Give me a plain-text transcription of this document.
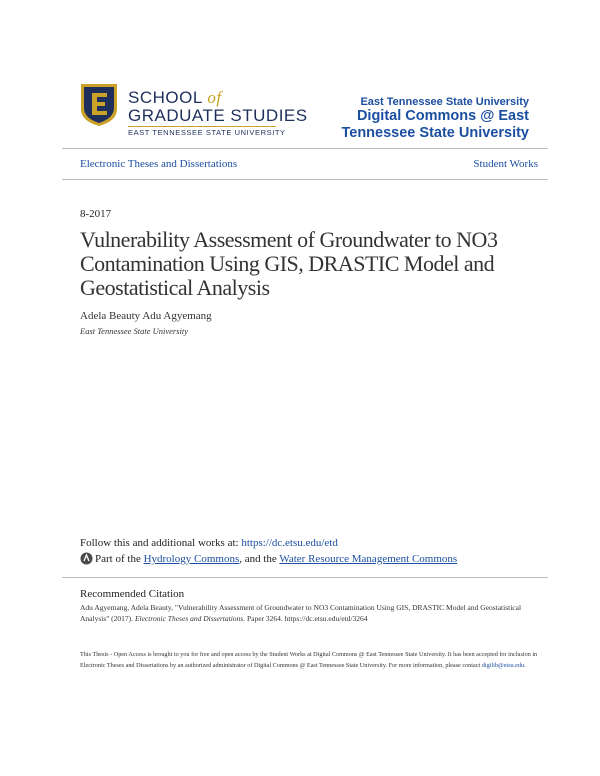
SCHOOL of
GRADUATE STUDIES
EAST TENNESSEE STATE UNIVERSITY
East Tennessee State University
Digital Commons @ East
Tennessee State University
Electronic Theses and Dissertations	Student Works
8-2017
Vulnerability Assessment of Groundwater to NO3 Contamination Using GIS, DRASTIC Model and Geostatistical Analysis
Adela Beauty Adu Agyemang
East Tennessee State University
Follow this and additional works at: https://dc.etsu.edu/etd
Part of the Hydrology Commons, and the Water Resource Management Commons
Recommended Citation
Adu Agyemang, Adela Beauty, "Vulnerability Assessment of Groundwater to NO3 Contamination Using GIS, DRASTIC Model and Geostatistical Analysis" (2017). Electronic Theses and Dissertations. Paper 3264. https://dc.etsu.edu/etd/3264
This Thesis - Open Access is brought to you for free and open access by the Student Works at Digital Commons @ East Tennessee State University. It has been accepted for inclusion in Electronic Theses and Dissertations by an authorized administrator of Digital Commons @ East Tennessee State University. For more information, please contact digilib@etsu.edu.
